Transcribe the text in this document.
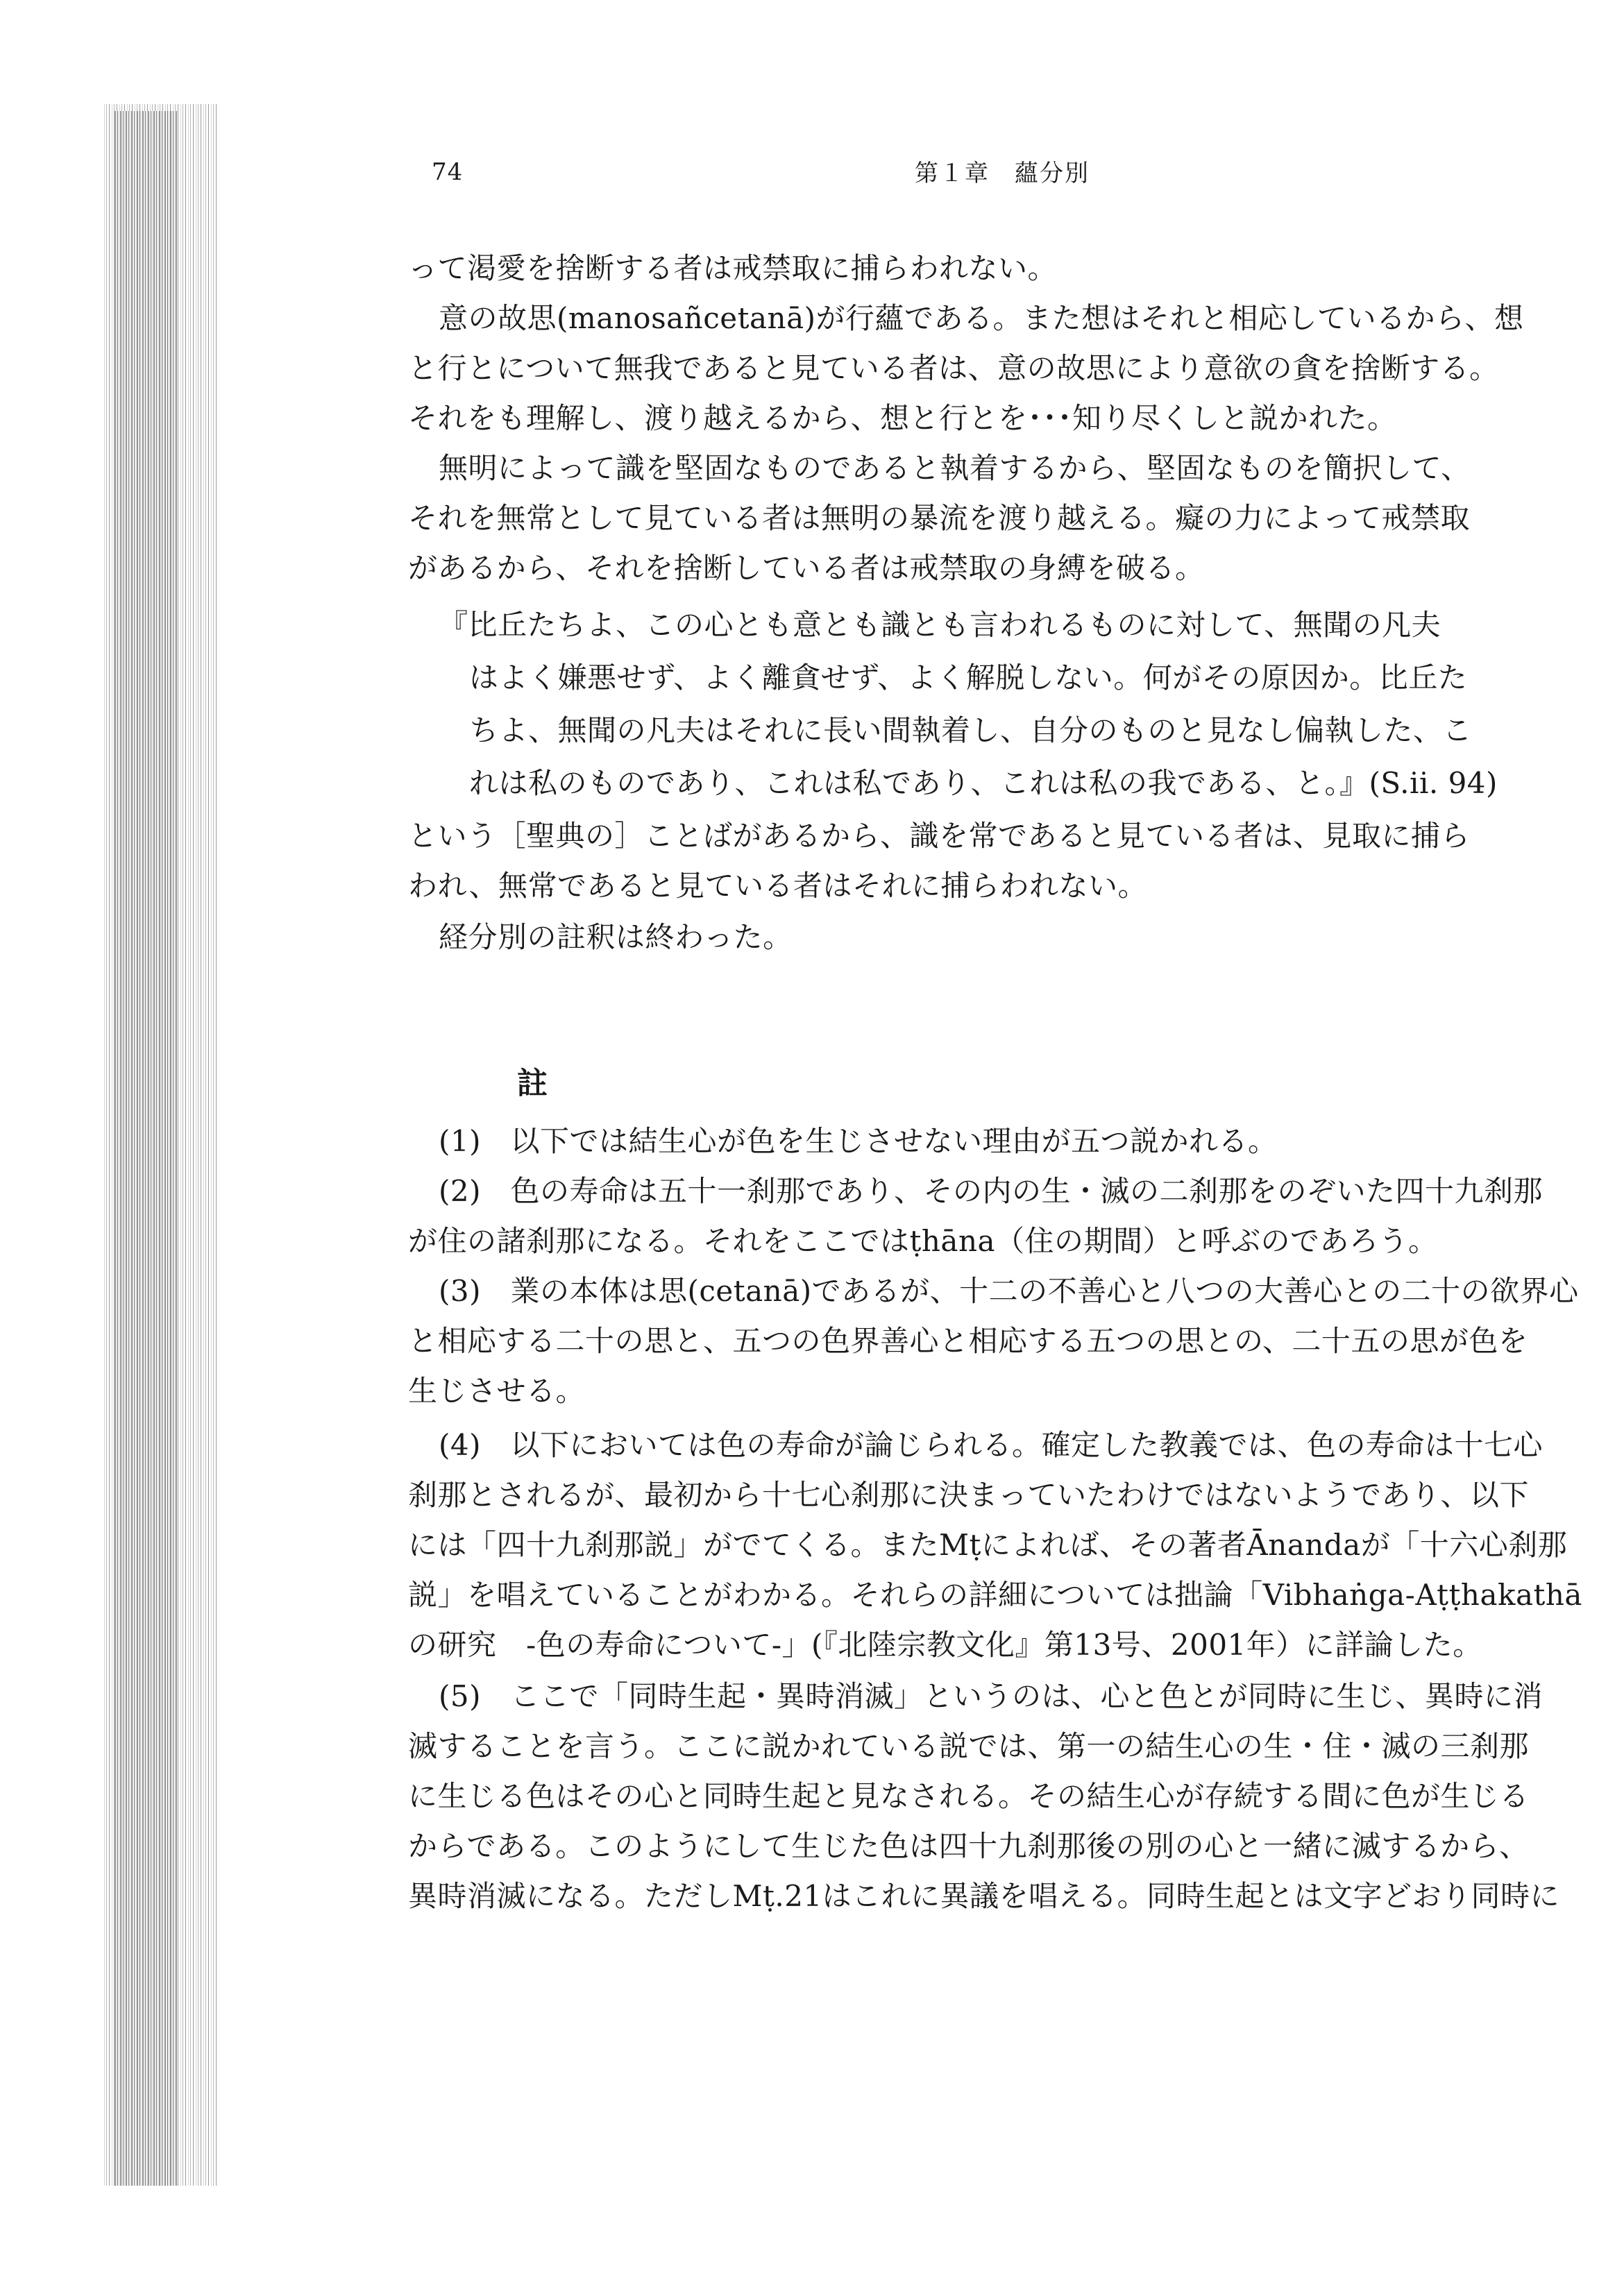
74	第１章　蘊分別
って渇愛を捨断する者は戒禁取に捕らわれない。
意の故思(manosañcetanā)が行蘊である。また想はそれと相応しているから、想
と行とについて無我であると見ている者は、意の故思により意欲の貪を捨断する。
それをも理解し、渡り越えるから、想と行とを･･･知り尽くしと説かれた。
無明によって識を堅固なものであると執着するから、堅固なものを簡択して、
それを無常として見ている者は無明の暴流を渡り越える。癡の力によって戒禁取
があるから、それを捨断している者は戒禁取の身縛を破る。
『比丘たちよ、この心とも意とも識とも言われるものに対して、無聞の凡夫
はよく嫌悪せず、よく離貪せず、よく解脱しない。何がその原因か。比丘た
ちよ、無聞の凡夫はそれに長い間執着し、自分のものと見なし偏執した、こ
れは私のものであり、これは私であり、これは私の我である、と。』(S.ii. 94)
という［聖典の］ことばがあるから、識を常であると見ている者は、見取に捕ら
われ、無常であると見ている者はそれに捕らわれない。
経分別の註釈は終わった。
註
(1)　以下では結生心が色を生じさせない理由が五つ説かれる。
(2)　色の寿命は五十一刹那であり、その内の生・滅の二刹那をのぞいた四十九刹那
が住の諸刹那になる。それをここではṭhāna（住の期間）と呼ぶのであろう。
(3)　業の本体は思(cetanā)であるが、十二の不善心と八つの大善心との二十の欲界心
と相応する二十の思と、五つの色界善心と相応する五つの思との、二十五の思が色を
生じさせる。
(4)　以下においては色の寿命が論じられる。確定した教義では、色の寿命は十七心
刹那とされるが、最初から十七心刹那に決まっていたわけではないようであり、以下
には「四十九刹那説」がでてくる。またMṭによれば、その著者Ānandaが「十六心刹那
説」を唱えていることがわかる。それらの詳細については拙論「Vibhaṅga-Aṭṭhakathā
の研究　-色の寿命について-」(『北陸宗教文化』第13号、2001年）に詳論した。
(5)　ここで「同時生起・異時消滅」というのは、心と色とが同時に生じ、異時に消
滅することを言う。ここに説かれている説では、第一の結生心の生・住・滅の三刹那
に生じる色はその心と同時生起と見なされる。その結生心が存続する間に色が生じる
からである。このようにして生じた色は四十九刹那後の別の心と一緒に滅するから、
異時消滅になる。ただしMṭ.21はこれに異議を唱える。同時生起とは文字どおり同時に
